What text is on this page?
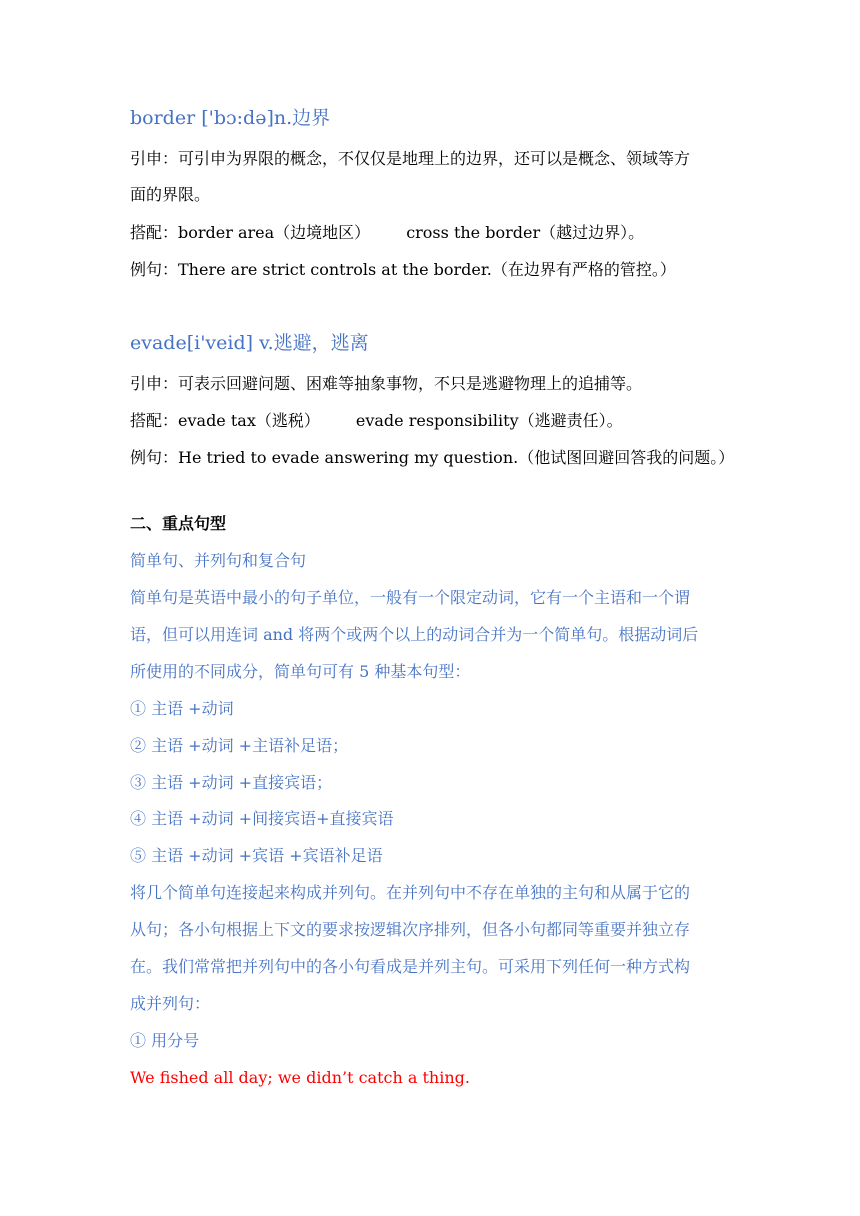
border ['bɔ:də]n.边界
引申：可引申为界限的概念，不仅仅是地理上的边界，还可以是概念、领域等方
面的界限。
搭配：border area（边境地区） cross the border（越过边界）。
例句：There are strict controls at the border.（在边界有严格的管控。）
evade[i'veid] v.逃避，逃离
引申：可表示回避问题、困难等抽象事物，不只是逃避物理上的追捕等。
搭配：evade tax（逃税） evade responsibility（逃避责任）。
例句：He tried to evade answering my question.（他试图回避回答我的问题。）
二、重点句型
简单句、并列句和复合句
简单句是英语中最小的句子单位，一般有一个限定动词，它有一个主语和一个谓
语，但可以用连词 and 将两个或两个以上的动词合并为一个简单句。根据动词后
所使用的不同成分，简单句可有 5 种基本句型：
① 主语 +动词
② 主语 +动词 +主语补足语；
③ 主语 +动词 +直接宾语；
④ 主语 +动词 +间接宾语+直接宾语
⑤ 主语 +动词 +宾语 +宾语补足语
将几个简单句连接起来构成并列句。在并列句中不存在单独的主句和从属于它的
从句；各小句根据上下文的要求按逻辑次序排列，但各小句都同等重要并独立存
在。我们常常把并列句中的各小句看成是并列主句。可采用下列任何一种方式构
成并列句：
① 用分号
We fished all day; we didn’t catch a thing.
